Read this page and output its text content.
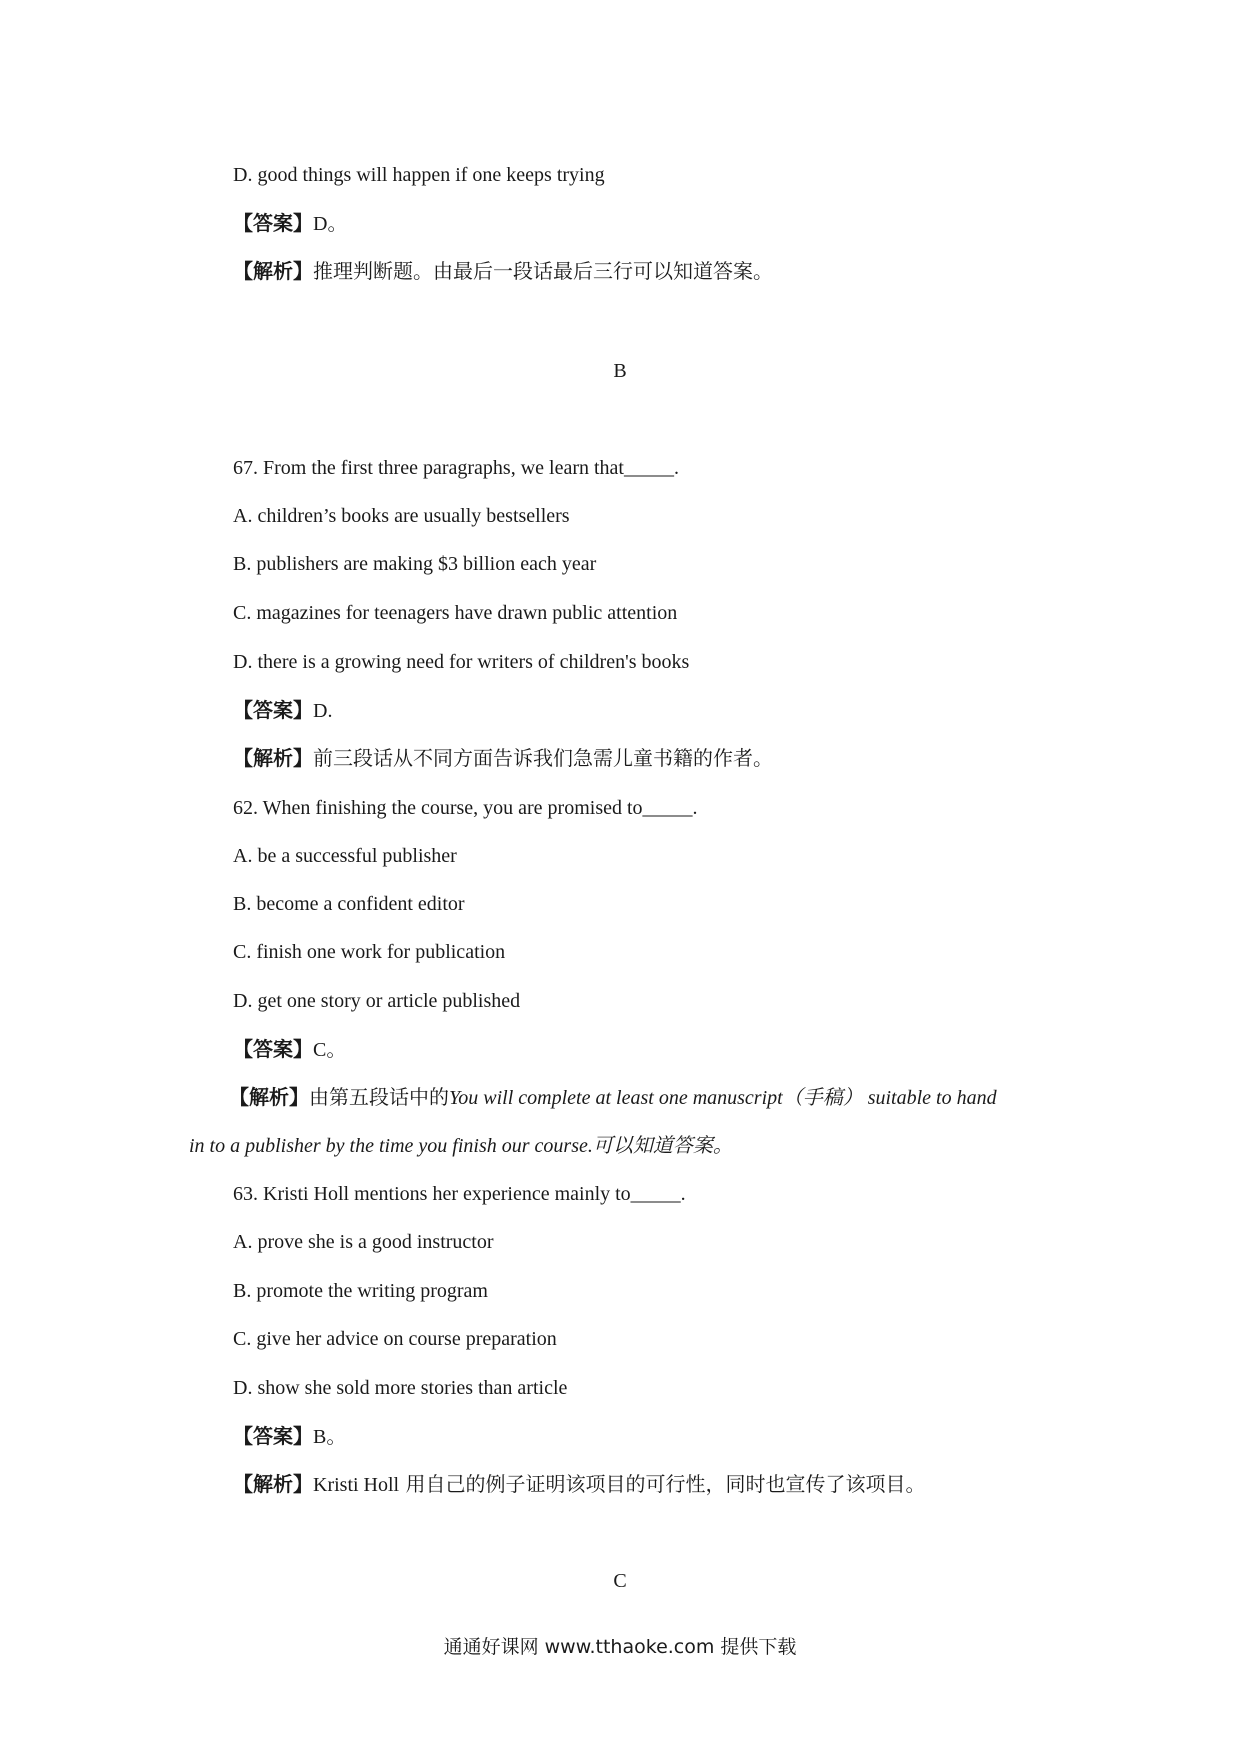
D. good things will happen if one keeps trying
【答案】D。
【解析】推理判断题。由最后一段话最后三行可以知道答案。
B
67. From the first three paragraphs, we learn that_____.
A. children’s books are usually bestsellers
B. publishers are making $3 billion each year
C. magazines for teenagers have drawn public attention
D. there is a growing need for writers of children's books
【答案】D.
【解析】前三段话从不同方面告诉我们急需儿童书籍的作者。
62. When finishing the course, you are promised to_____.
A. be a successful publisher
B. become a confident editor
C. finish one work for publication
D. get one story or article published
【答案】C。
【解析】由第五段话中的You will complete at least one manuscript（手稿） suitable to hand
in to a publisher by the time you finish our course.可以知道答案。
63. Kristi Holl mentions her experience mainly to_____.
A. prove she is a good instructor
B. promote the writing program
C. give her advice on course preparation
D. show she sold more stories than article
【答案】B。
【解析】Kristi Holl 用自己的例子证明该项目的可行性，同时也宣传了该项目。
C
通通好课网 www.tthaoke.com 提供下载
